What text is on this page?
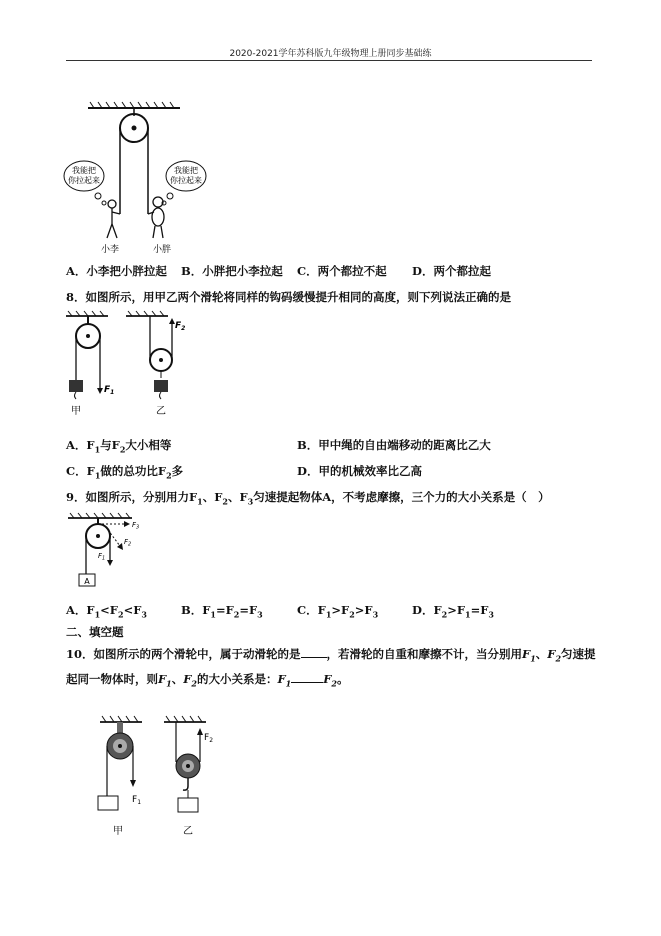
2020-2021学年苏科版九年级物理上册同步基础练
我能把
你拉起来
我能把
你拉起来
小李	小胖
A．小李把小胖拉起 B．小胖把小李拉起 C．两个都拉不起 D．两个都拉起
8．如图所示，用甲乙两个滑轮将同样的钩码缓慢提升相同的高度，则下列说法正确的是
$F_1$
甲
$F_2$
乙
A．$F_1$与$F_2$大小相等	B．甲中绳的自由端移动的距离比乙大
C．$F_1$做的总功比$F_2$多	D．甲的机械效率比乙高
9．如图所示，分别用力$F_1$、$F_2$、$F_3$匀速提起物体A，不考虑摩擦，三个力的大小关系是（　）
A
$F_3$
$F_2$
$F_1$
A．$F_1<F_2<F_3$	B．$F_1=F_2=F_3$	C．$F_1>F_2>F_3$	D．$F_2>F_1=F_3$
二、填空题
10．如图所示的两个滑轮中，属于动滑轮的是 ，若滑轮的自重和摩擦不计，当分别用$F_1$、$F_2$匀速提
起同一物体时，则$F_1$、$F_2$的大小关系是：$F_1$	$F_2$。
$F_1$
甲
$F_2$
乙
